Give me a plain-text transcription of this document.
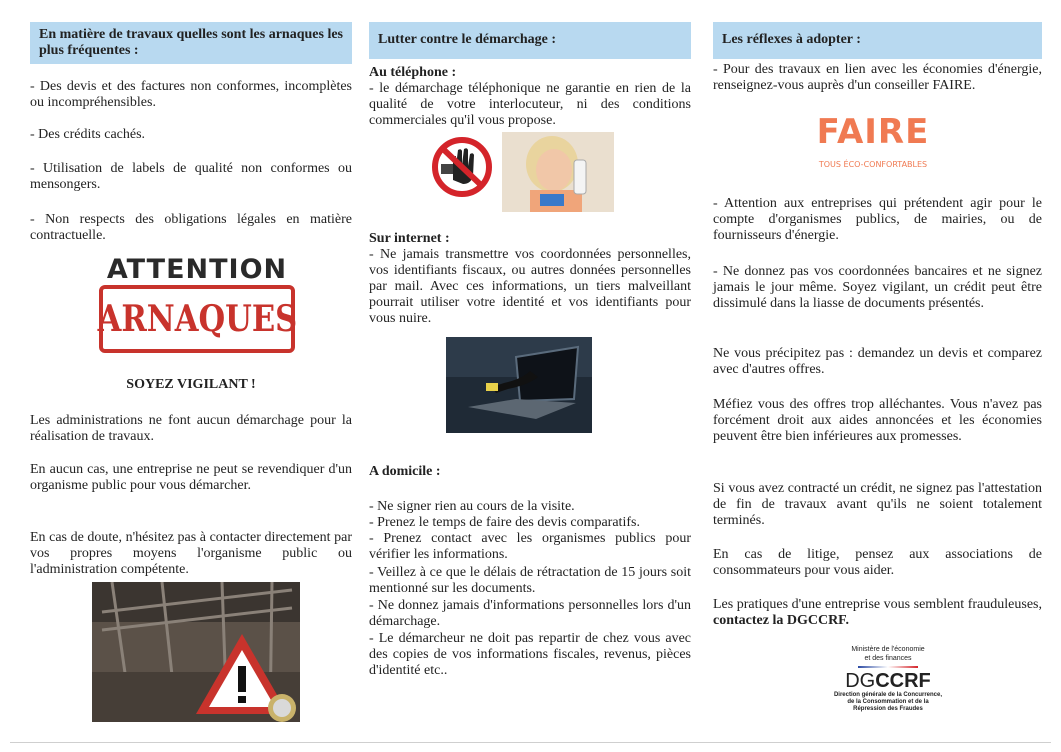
En matière de travaux quelles sont les arnaques les plus fréquentes :

- Des devis et des factures non conformes, incomplètes ou incompréhensibles.

- Des crédits cachés.

- Utilisation de labels de qualité non conformes ou mensongers.

- Non respects des obligations légales en matière contractuelle.

ATTENTION
ARNAQUES

SOYEZ VIGILANT !

Les administrations ne font aucun démarchage pour la réalisation de travaux.

En aucun cas, une entreprise ne peut se revendiquer d'un organisme public pour vous démarcher.

En cas de doute, n'hésitez pas à contacter directement par vos propres moyens l'organisme public ou l'administration compétente.

Lutter contre le démarchage :

Au téléphone :

- le démarchage téléphonique ne garantie en rien de la qualité de votre interlocuteur, ni des conditions commerciales qu'il vous propose.

Sur internet :

- Ne jamais transmettre vos coordonnées personnelles, vos identifiants fiscaux, ou autres données personnelles par mail. Avec ces informations, un tiers malveillant pourrait utiliser votre identité et vos identifiants pour vous nuire.

A domicile :

- Ne signer rien au cours de la visite.

- Prenez le temps de faire des devis comparatifs.

- Prenez contact avec les organismes publics pour vérifier les informations.

- Veillez à ce que le délais de rétractation de 15 jours soit mentionné sur les documents.

- Ne donnez jamais d'informations personnelles lors d'un démarchage.

- Le démarcheur ne doit pas repartir de chez vous avec des copies de vos informations fiscales, revenus, pièces d'identité etc..

Les réflexes à adopter :

- Pour des travaux en lien avec les économies d'énergie, renseignez-vous auprès d'un conseiller FAIRE.

FAIRE
TOUS ÉCO-CONFORTABLES

- Attention aux entreprises qui prétendent agir pour le compte d'organismes publics, de mairies, ou de fournisseurs d'énergie.

- Ne donnez pas vos coordonnées bancaires et ne signez jamais le jour même. Soyez vigilant, un crédit peut être dissimulé dans la liasse de documents présentés.

Ne vous précipitez pas : demandez un devis et comparez avec d'autres offres.

Méfiez vous des offres trop alléchantes. Vous n'avez pas forcément droit aux aides annoncées et les économies peuvent être bien inférieures aux promesses.

Si vous avez contracté un crédit, ne signez pas l'attestation de fin de travaux avant qu'ils ne soient totalement terminés.

En cas de litige, pensez aux associations de consommateurs pour vous aider.

Les pratiques d'une entreprise vous semblent frauduleuses, contactez la DGCCRF.

Ministère de l'économie
et des finances
DGCCRF
Direction générale de la Concurrence,
de la Consommation et de la
Répression des Fraudes
